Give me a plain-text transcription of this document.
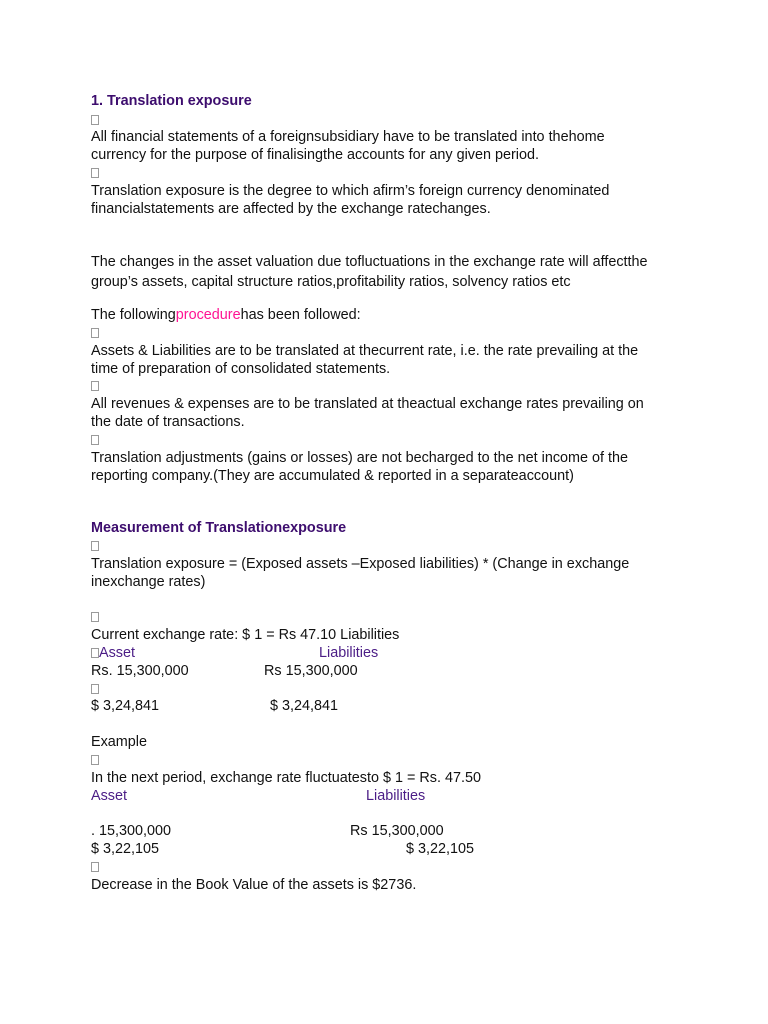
1. Translation exposure
All financial statements of a foreignsubsidiary have to be translated into thehome
currency for the purpose of finalisingthe accounts for any given period.
Translation exposure is the degree to which afirm’s foreign currency denominated
financialstatements are affected by the exchange ratechanges.
The changes in the asset valuation due tofluctuations in the exchange rate will affectthe
group’s assets, capital structure ratios,profitability ratios, solvency ratios etc
The followingprocedurehas been followed:
Assets & Liabilities are to be translated at thecurrent rate, i.e. the rate prevailing at the
time of preparation of consolidated statements.
All revenues & expenses are to be translated at theactual exchange rates prevailing on
the date of transactions.
Translation adjustments (gains or losses) are not becharged to the net income of the
reporting company.(They are accumulated & reported in a separateaccount)
Measurement of Translationexposure
Translation exposure = (Exposed assets –Exposed liabilities) * (Change in exchange
inexchange rates)
Current exchange rate: $ 1 = Rs 47.10 Liabilities
Asset	Liabilities
Rs. 15,300,000	Rs 15,300,000
$ 3,24,841	$ 3,24,841
Example
In the next period, exchange rate fluctuatesto $ 1 = Rs. 47.50
Asset	Liabilities
. 15,300,000	Rs 15,300,000
$ 3,22,105	$ 3,22,105
Decrease in the Book Value of the assets is $2736.
